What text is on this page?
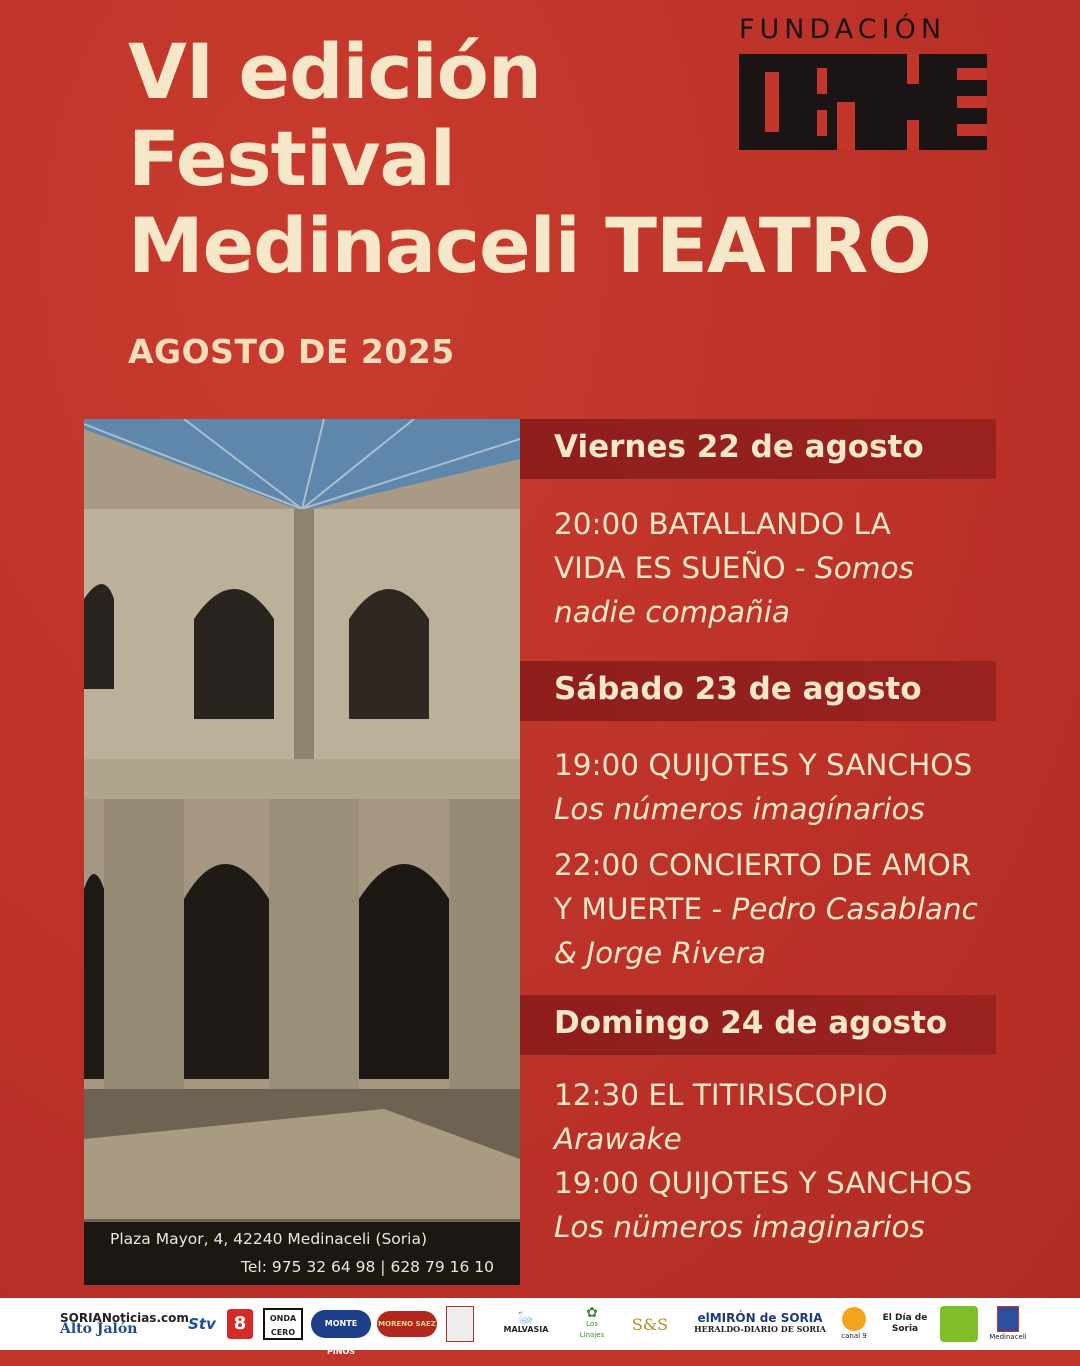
VI edición
Festival
Medinaceli TEATRO
AGOSTO DE 2025
FUNDACIÓN
Plaza Mayor, 4, 42240 Medinaceli (Soria)
Tel: 975 32 64 98 | 628 79 16 10
Viernes 22 de agosto
20:00 BATALLANDO LA
VIDA ES SUEÑO - Somos
nadie compañia
Sábado 23 de agosto
19:00 QUIJOTES Y SANCHOS
Los números imagínarios
22:00 CONCIERTO DE AMOR
Y MUERTE - Pedro Casablanc
& Jorge Rivera
Domingo 24 de agosto
12:30 EL TITIRISCOPIO
Arawake
19:00 QUIJOTES Y SANCHOS
Los nümeros imaginarios
SORIANoticias.com
Alto Jalón	Stv 8	ONDA CERO
MONTE PINOS
MORENO SAEZ	🦢
MALVASIA
✿
Los Linajes
S&S	elMIRÓN de SORIA
HERALDO-DIARIO DE SORIA
canal 9
El Día de Soria
Medinaceli
